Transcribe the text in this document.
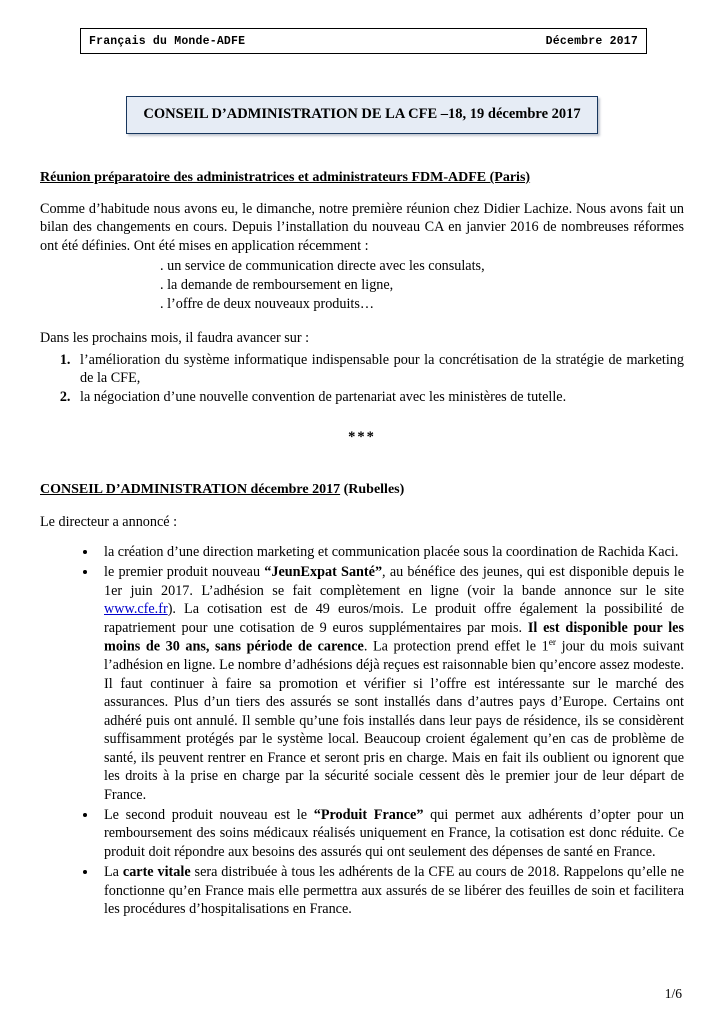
Français du Monde-ADFE	Décembre 2017
CONSEIL D’ADMINISTRATION DE LA CFE –18, 19 décembre 2017
Réunion préparatoire des administratrices et administrateurs FDM-ADFE (Paris)

Comme d’habitude nous avons eu, le dimanche, notre première réunion chez Didier Lachize. Nous avons fait un bilan des changements en cours. Depuis l’installation du nouveau CA en janvier 2016 de nombreuses réformes ont été définies. Ont été mises en application récemment :

. un service de communication directe avec les consulats,
. la demande de remboursement en ligne,
. l’offre de deux nouveaux produits…

Dans les prochains mois, il faudra avancer sur :

1. l’amélioration du système informatique indispensable pour la concrétisation de la stratégie de marketing de la CFE,
2. la négociation d’une nouvelle convention de partenariat avec les ministères de tutelle.
***
CONSEIL D’ADMINISTRATION décembre 2017 (Rubelles)

Le directeur a annoncé :

• la création d’une direction marketing et communication placée sous la coordination de Rachida Kaci.
• le premier produit nouveau “JeunExpat Santé”, au bénéfice des jeunes, qui est disponible depuis le 1er juin 2017. L’adhésion se fait complètement en ligne (voir la bande annonce sur le site www.cfe.fr). La cotisation est de 49 euros/mois. Le produit offre également la possibilité de rapatriement pour une cotisation de 9 euros supplémentaires par mois. Il est disponible pour les moins de 30 ans, sans période de carence. La protection prend effet le 1er jour du mois suivant l’adhésion en ligne. Le nombre d’adhésions déjà reçues est raisonnable bien qu’encore assez modeste. Il faut continuer à faire sa promotion et vérifier si l’offre est intéressante sur le marché des assurances. Plus d’un tiers des assurés se sont installés dans d’autres pays d’Europe. Certains ont adhéré puis ont annulé. Il semble qu’une fois installés dans leur pays de résidence, ils se considèrent suffisamment protégés par le système local. Beaucoup croient également qu’en cas de problème de santé, ils peuvent rentrer en France et seront pris en charge. Mais en fait ils oublient ou ignorent que les droits à la prise en charge par la sécurité sociale cessent dès le premier jour de leur départ de France.
• Le second produit nouveau est le “Produit France” qui permet aux adhérents d’opter pour un remboursement des soins médicaux réalisés uniquement en France, la cotisation est donc réduite. Ce produit doit répondre aux besoins des assurés qui ont seulement des dépenses de santé en France.
• La carte vitale sera distribuée à tous les adhérents de la CFE au cours de 2018. Rappelons qu’elle ne fonctionne qu’en France mais elle permettra aux assurés de se libérer des feuilles de soin et facilitera les procédures d’hospitalisations en France.
1/6
